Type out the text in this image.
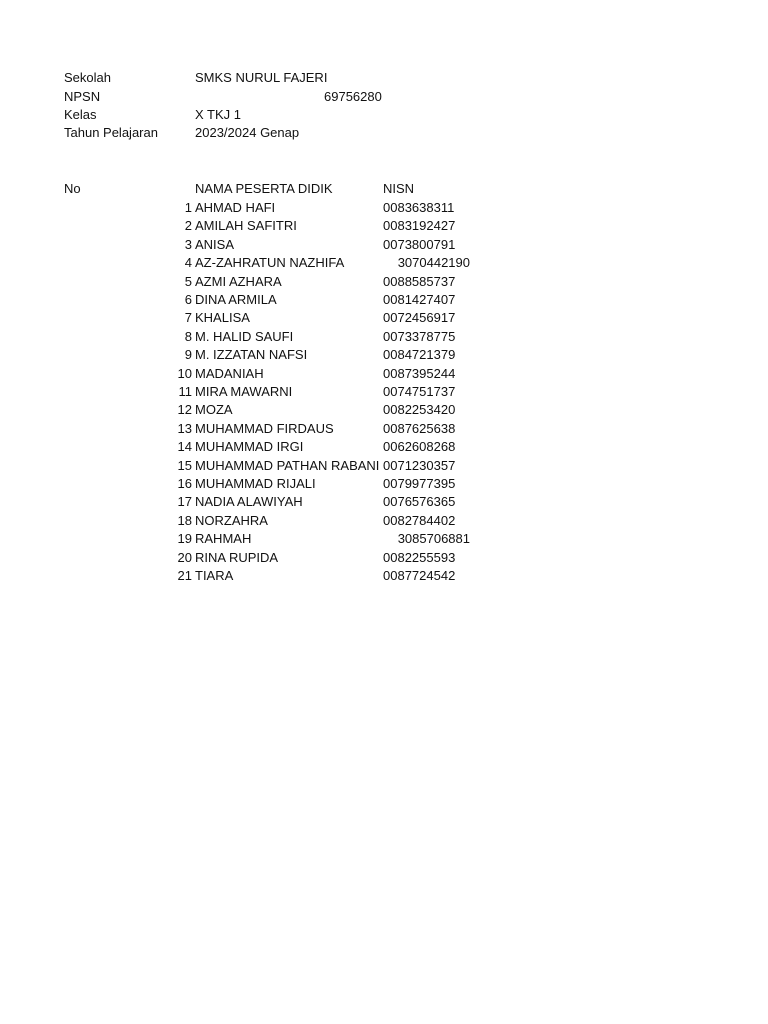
Sekolah	SMKS NURUL FAJERI
NPSN	69756280
Kelas	X TKJ 1
Tahun Pelajaran	2023/2024 Genap
No	NAMA PESERTA DIDIK	NISN
1 AHMAD HAFI	0083638311
2 AMILAH SAFITRI	0083192427
3 ANISA	0073800791
4 AZ-ZAHRATUN NAZHIFA	3070442190
5 AZMI AZHARA	0088585737
6 DINA ARMILA	0081427407
7 KHALISA	0072456917
8 M. HALID SAUFI	0073378775
9 M. IZZATAN NAFSI	0084721379
10 MADANIAH	0087395244
11 MIRA MAWARNI	0074751737
12 MOZA	0082253420
13 MUHAMMAD FIRDAUS	0087625638
14 MUHAMMAD IRGI	0062608268
15 MUHAMMAD PATHAN RABANI 0071230357
16 MUHAMMAD RIJALI	0079977395
17 NADIA ALAWIYAH	0076576365
18 NORZAHRA	0082784402
19 RAHMAH	3085706881
20 RINA RUPIDA	0082255593
21 TIARA	0087724542
